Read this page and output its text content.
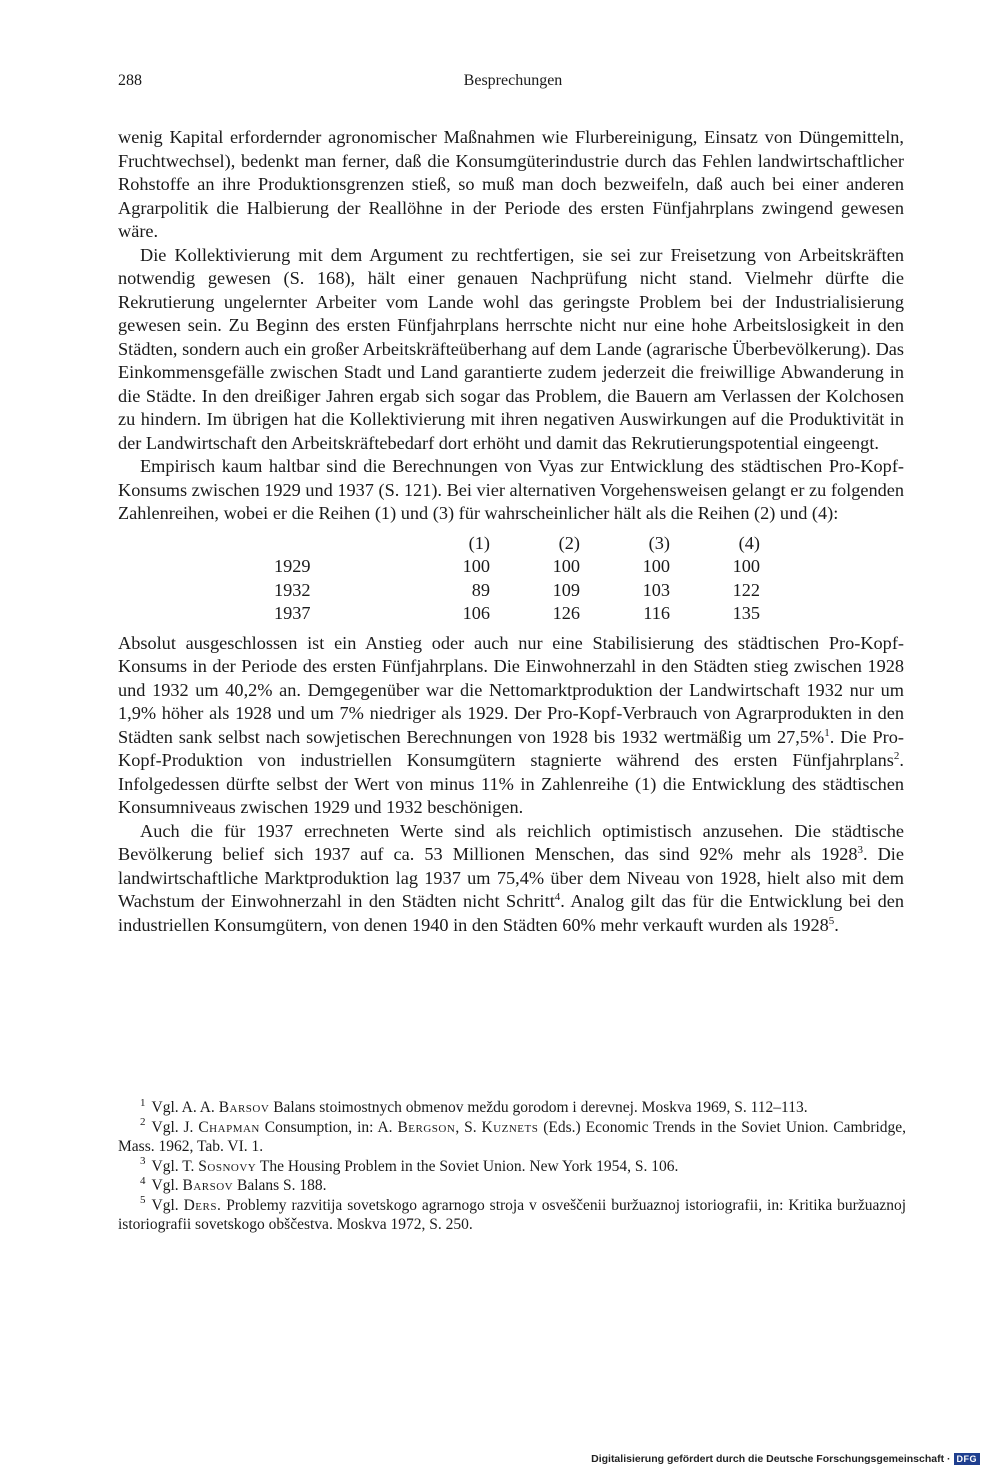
288	Besprechungen

wenig Kapital erfordernder agronomischer Maßnahmen wie Flurbereinigung, Einsatz von Düngemitteln, Fruchtwechsel), bedenkt man ferner, daß die Konsumgüterindustrie durch das Fehlen landwirtschaftlicher Rohstoffe an ihre Produktionsgrenzen stieß, so muß man doch bezweifeln, daß auch bei einer anderen Agrarpolitik die Halbierung der Reallöhne in der Periode des ersten Fünfjahrplans zwingend gewesen wäre.

Die Kollektivierung mit dem Argument zu rechtfertigen, sie sei zur Freisetzung von Arbeitskräften notwendig gewesen (S. 168), hält einer genauen Nachprüfung nicht stand. Vielmehr dürfte die Rekrutierung ungelernter Arbeiter vom Lande wohl das geringste Problem bei der Industrialisierung gewesen sein. Zu Beginn des ersten Fünfjahrplans herrschte nicht nur eine hohe Arbeitslosigkeit in den Städten, sondern auch ein großer Arbeitskräfteüberhang auf dem Lande (agrarische Überbevölkerung). Das Einkommensgefälle zwischen Stadt und Land garantierte zudem jederzeit die freiwillige Abwanderung in die Städte. In den dreißiger Jahren ergab sich sogar das Problem, die Bauern am Verlassen der Kolchosen zu hindern. Im übrigen hat die Kollektivierung mit ihren negativen Auswirkungen auf die Produktivität in der Landwirtschaft den Arbeitskräftebedarf dort erhöht und damit das Rekrutierungspotential eingeengt.

Empirisch kaum haltbar sind die Berechnungen von Vyas zur Entwicklung des städtischen Pro-Kopf-Konsums zwischen 1929 und 1937 (S. 121). Bei vier alternativen Vorgehensweisen gelangt er zu folgenden Zahlenreihen, wobei er die Reihen (1) und (3) für wahrscheinlicher hält als die Reihen (2) und (4):

	(1)	(2)	(3)	(4)
1929	100	100	100	100
1932	89	109	103	122
1937	106	126	116	135

Absolut ausgeschlossen ist ein Anstieg oder auch nur eine Stabilisierung des städtischen Pro-Kopf-Konsums in der Periode des ersten Fünfjahrplans. Die Einwohnerzahl in den Städten stieg zwischen 1928 und 1932 um 40,2% an. Demgegenüber war die Nettomarktproduktion der Landwirtschaft 1932 nur um 1,9% höher als 1928 und um 7% niedriger als 1929. Der Pro-Kopf-Verbrauch von Agrarprodukten in den Städten sank selbst nach sowjetischen Berechnungen von 1928 bis 1932 wertmäßig um 27,5%$^1$. Die Pro-Kopf-Produktion von industriellen Konsumgütern stagnierte während des ersten Fünfjahrplans$^2$. Infolgedessen dürfte selbst der Wert von minus 11% in Zahlenreihe (1) die Entwicklung des städtischen Konsumniveaus zwischen 1929 und 1932 beschönigen.

Auch die für 1937 errechneten Werte sind als reichlich optimistisch anzusehen. Die städtische Bevölkerung belief sich 1937 auf ca. 53 Millionen Menschen, das sind 92% mehr als 1928$^3$. Die landwirtschaftliche Marktproduktion lag 1937 um 75,4% über dem Niveau von 1928, hielt also mit dem Wachstum der Einwohnerzahl in den Städten nicht Schritt$^4$. Analog gilt das für die Entwicklung bei den industriellen Konsumgütern, von denen 1940 in den Städten 60% mehr verkauft wurden als 1928$^5$.

$^1$ Vgl. A. A. Barsov Balans stoimostnych obmenov meždu gorodom i derevnej. Moskva 1969, S. 112–113.

$^2$ Vgl. J. Chapman Consumption, in: A. Bergson, S. Kuznets (Eds.) Economic Trends in the Soviet Union. Cambridge, Mass. 1962, Tab. VI. 1.

$^3$ Vgl. T. Sosnovy The Housing Problem in the Soviet Union. New York 1954, S. 106.

$^4$ Vgl. Barsov Balans S. 188.

$^5$ Vgl. Ders. Problemy razvitija sovetskogo agrarnogo stroja v osveščenii buržuaznoj istoriografii, in: Kritika buržuaznoj istoriografii sovetskogo obščestva. Moskva 1972, S. 250.

Digitalisierung gefördert durch die Deutsche Forschungsgemeinschaft · DFG
